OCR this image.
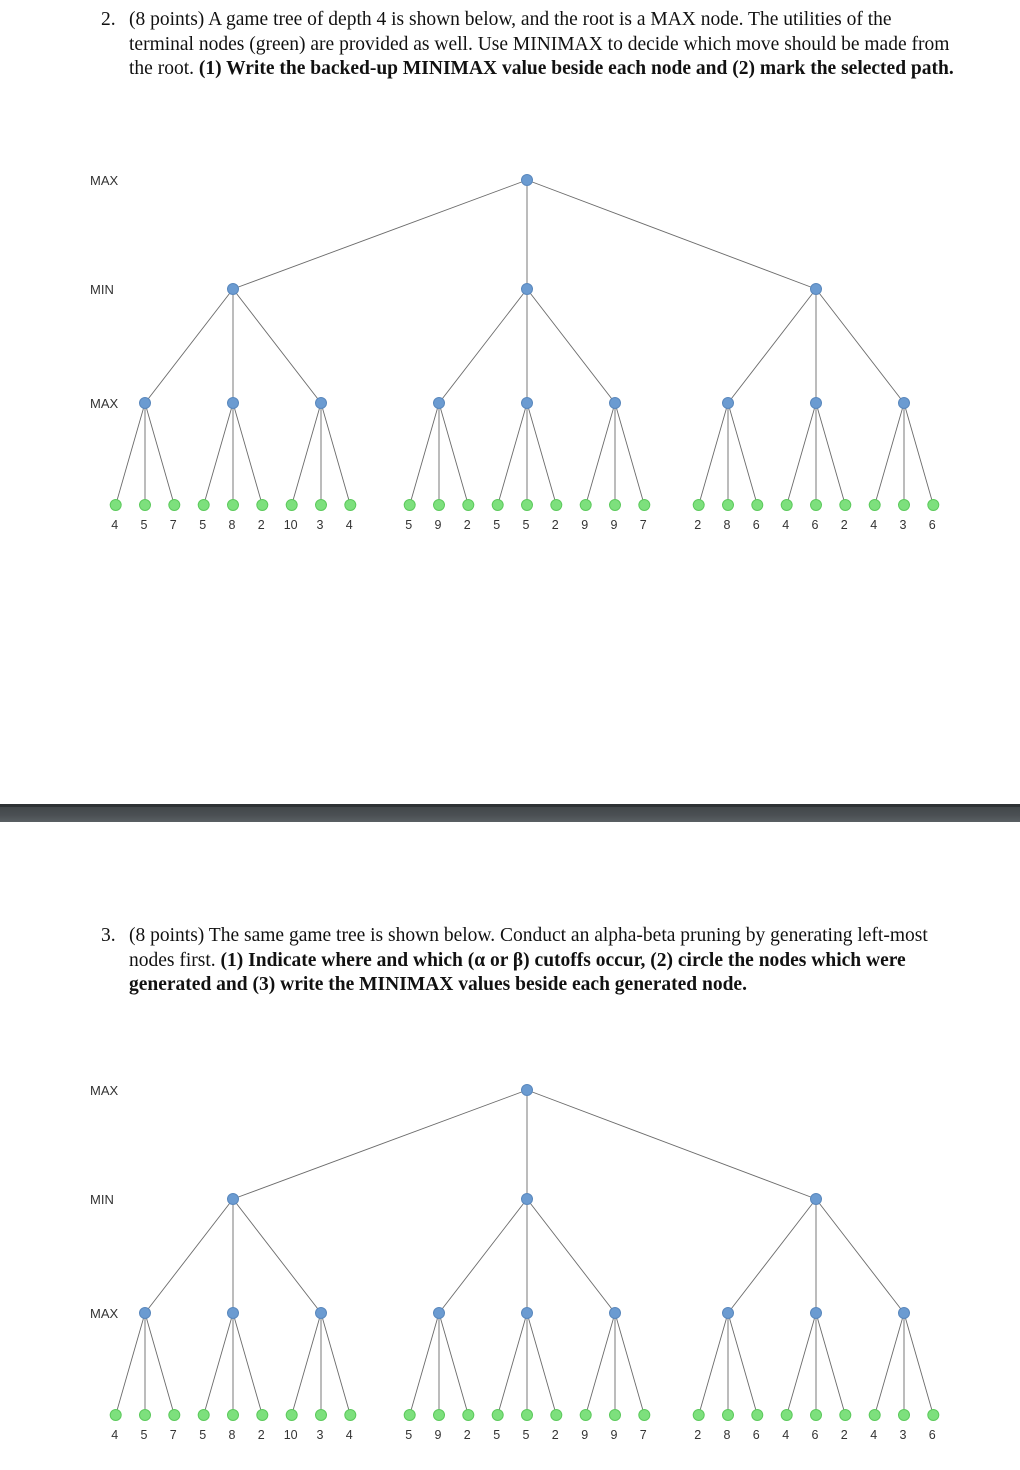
2. (8 points) A game tree of depth 4 is shown below, and the root is a MAX node. The utilities of the terminal nodes (green) are provided as well. Use MINIMAX to decide which move should be made from the root. (1) Write the backed-up MINIMAX value beside each node and (2) mark the selected path.
MAX
MIN
MAX
4 5 7 5 8 2 10 3 4	5 9 2 5 5 2 9 9 7	2 8 6 4 6 2 4 3 6
3. (8 points) The same game tree is shown below. Conduct an alpha-beta pruning by generating left-most nodes first. (1) Indicate where and which (α or β) cutoffs occur, (2) circle the nodes which were generated and (3) write the MINIMAX values beside each generated node.
MAX
MIN
MAX
4 5 7 5 8 2 10 3 4	5 9 2 5 5 2 9 9 7	2 8 6 4 6 2 4 3 6
